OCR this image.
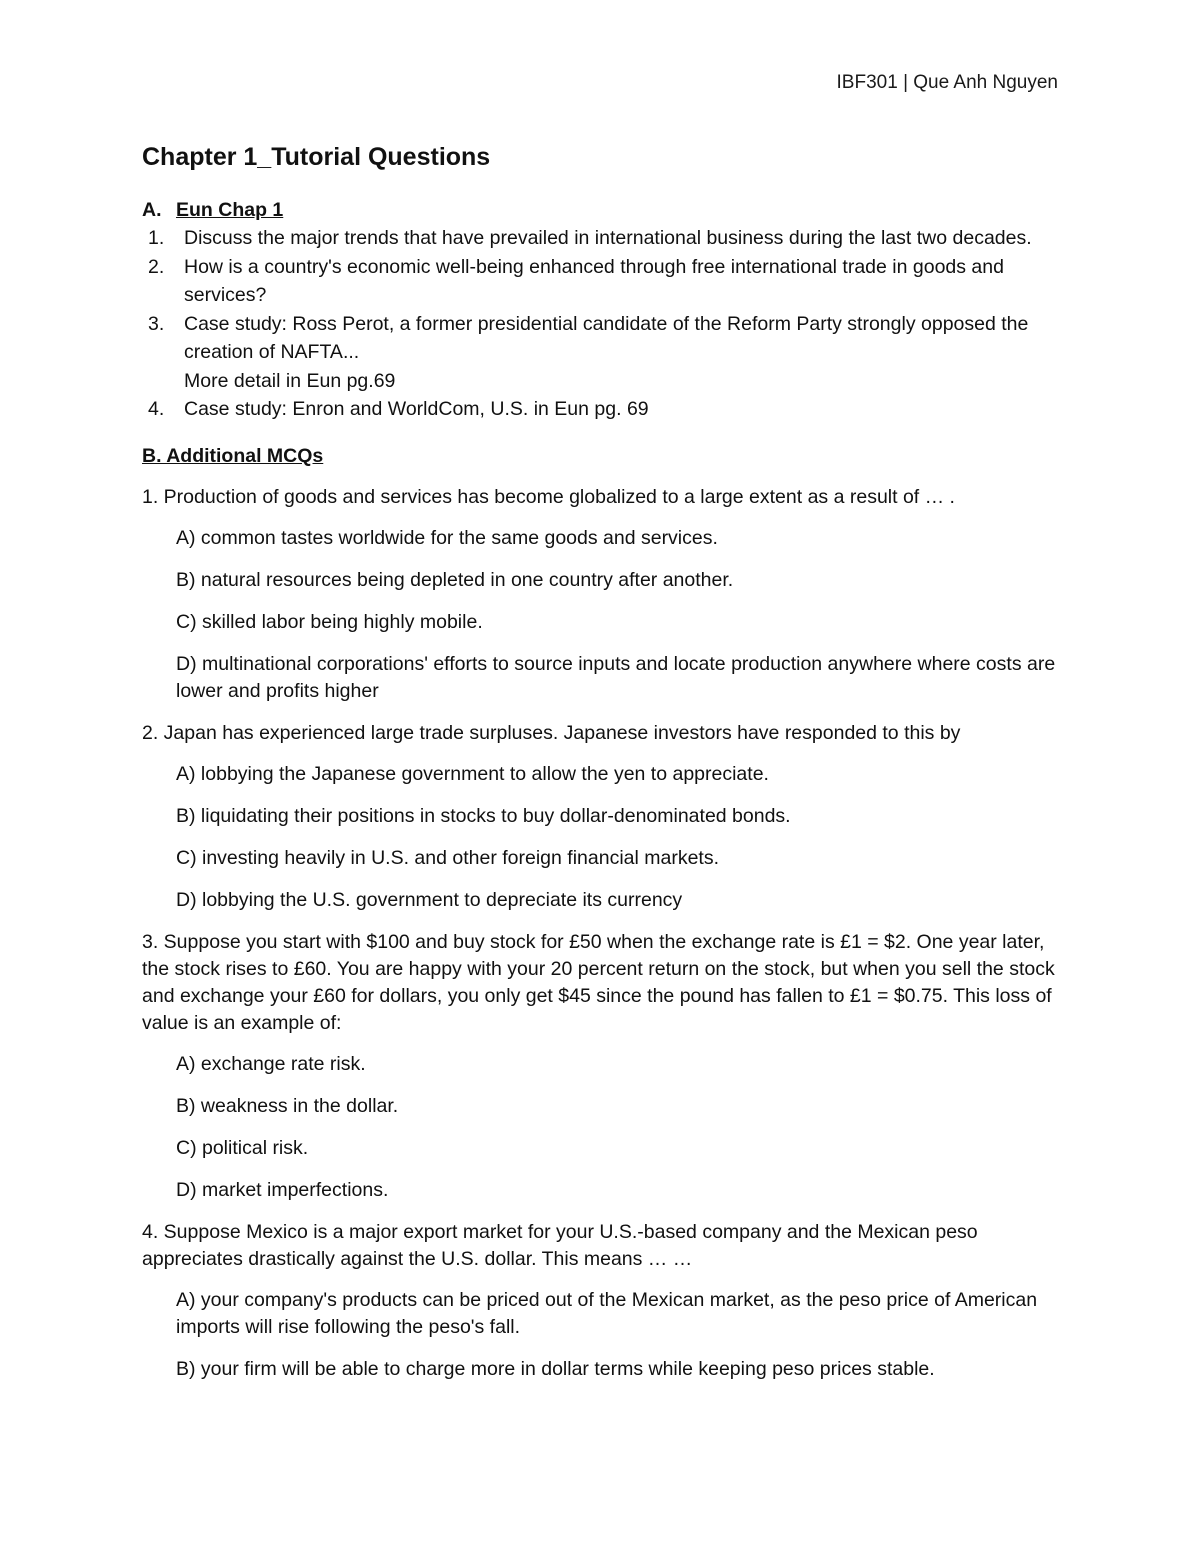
IBF301 | Que Anh Nguyen
Chapter 1_Tutorial Questions
A. Eun Chap 1
1. Discuss the major trends that have prevailed in international business during the last two decades.
2. How is a country's economic well-being enhanced through free international trade in goods and services?
3. Case study: Ross Perot, a former presidential candidate of the Reform Party strongly opposed the creation of NAFTA...
More detail in Eun pg.69
4. Case study: Enron and WorldCom, U.S. in Eun pg. 69
B. Additional MCQs
1. Production of goods and services has become globalized to a large extent as a result of … .
A) common tastes worldwide for the same goods and services.
B) natural resources being depleted in one country after another.
C) skilled labor being highly mobile.
D) multinational corporations' efforts to source inputs and locate production anywhere where costs are lower and profits higher
2. Japan has experienced large trade surpluses. Japanese investors have responded to this by
A) lobbying the Japanese government to allow the yen to appreciate.
B) liquidating their positions in stocks to buy dollar-denominated bonds.
C) investing heavily in U.S. and other foreign financial markets.
D) lobbying the U.S. government to depreciate its currency
3. Suppose you start with $100 and buy stock for £50 when the exchange rate is £1 = $2. One year later, the stock rises to £60. You are happy with your 20 percent return on the stock, but when you sell the stock and exchange your £60 for dollars, you only get $45 since the pound has fallen to £1 = $0.75. This loss of value is an example of:
A) exchange rate risk.
B) weakness in the dollar.
C) political risk.
D) market imperfections.
4. Suppose Mexico is a major export market for your U.S.-based company and the Mexican peso appreciates drastically against the U.S. dollar. This means … …
A) your company's products can be priced out of the Mexican market, as the peso price of American imports will rise following the peso's fall.
B) your firm will be able to charge more in dollar terms while keeping peso prices stable.
